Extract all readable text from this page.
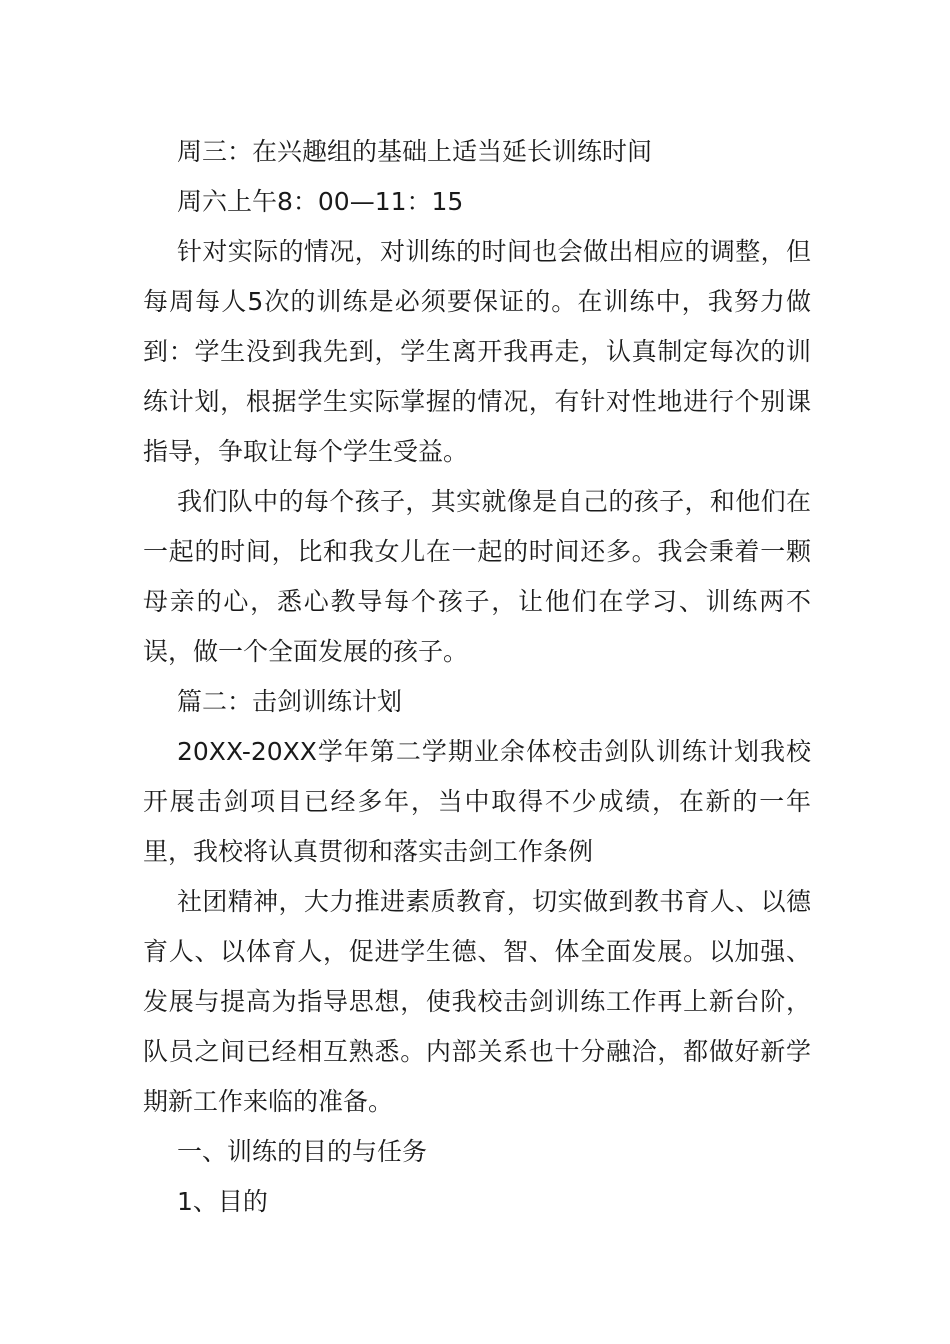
周三：在兴趣组的基础上适当延长训练时间

周六上午8：00—11：15

针对实际的情况，对训练的时间也会做出相应的调整，但每周每人5次的训练是必须要保证的。在训练中，我努力做到：学生没到我先到，学生离开我再走，认真制定每次的训练计划，根据学生实际掌握的情况，有针对性地进行个别课指导，争取让每个学生受益。

我们队中的每个孩子，其实就像是自己的孩子，和他们在一起的时间，比和我女儿在一起的时间还多。我会秉着一颗母亲的心，悉心教导每个孩子，让他们在学习、训练两不误，做一个全面发展的孩子。

篇二：击剑训练计划

20XX-20XX学年第二学期业余体校击剑队训练计划我校开展击剑项目已经多年，当中取得不少成绩，在新的一年里，我校将认真贯彻和落实击剑工作条例

社团精神，大力推进素质教育，切实做到教书育人、以德育人、以体育人，促进学生德、智、体全面发展。以加强、发展与提高为指导思想，使我校击剑训练工作再上新台阶，队员之间已经相互熟悉。内部关系也十分融洽，都做好新学期新工作来临的准备。

一、训练的目的与任务

1、目的
